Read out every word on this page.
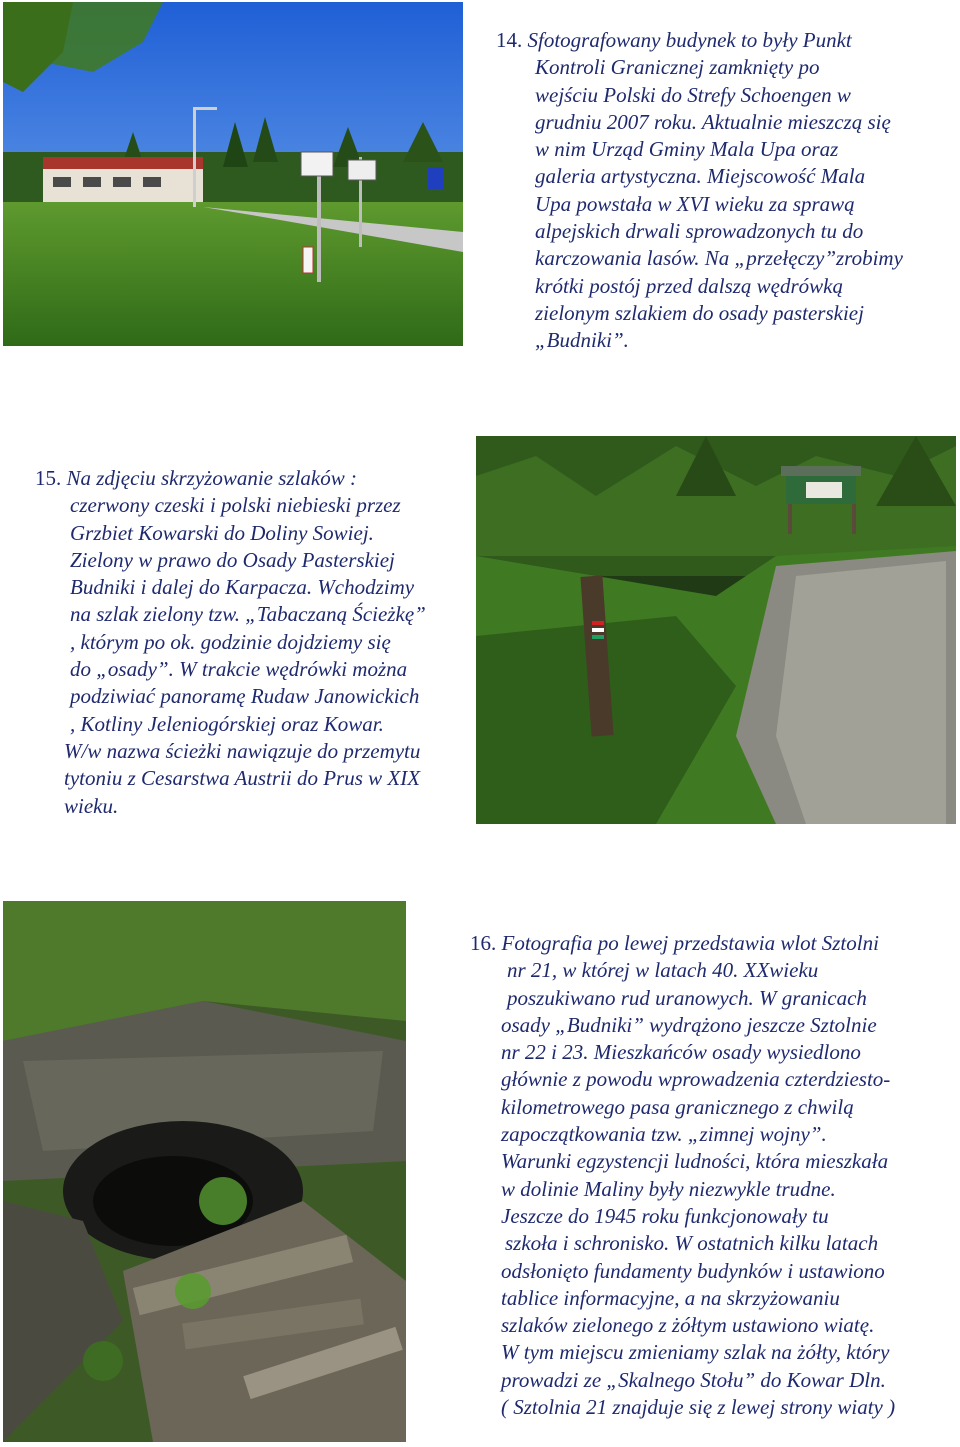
14. Sfotografowany budynek to były Punkt

Kontroli Granicznej zamknięty po
wejściu Polski do Strefy Schoengen w
grudniu 2007 roku. Aktualnie mieszczą się
w nim Urząd Gminy Mala Upa oraz
galeria artystyczna. Miejscowość Mala
Upa powstała w XVI wieku za sprawą
alpejskich drwali sprowadzonych tu do
karczowania lasów. Na „przełęczy”zrobimy
krótki postój przed dalszą wędrówką
zielonym szlakiem do osady pasterskiej
„Budniki”.

15. Na zdjęciu skrzyżowanie szlaków :

czerwony czeski i polski niebieski przez
Grzbiet Kowarski do Doliny Sowiej.
Zielony w prawo do Osady Pasterskiej
Budniki i dalej do Karpacza. Wchodzimy
na szlak zielony tzw. „Tabaczaną Ścieżkę”
, którym po ok. godzinie dojdziemy się
do „osady”. W trakcie wędrówki można
podziwiać panoramę Rudaw Janowickich
, Kotliny Jeleniogórskiej oraz Kowar.
W/w nazwa ścieżki nawiązuje do przemytu
tytoniu z Cesarstwa Austrii do Prus w XIX
wieku.

16. Fotografia po lewej przedstawia wlot Sztolni

nr 21, w której w latach 40. XXwieku
poszukiwano rud uranowych. W granicach
osady „Budniki” wydrążono jeszcze Sztolnie
nr 22 i 23. Mieszkańców osady wysiedlono
głównie z powodu wprowadzenia czterdziesto-
kilometrowego pasa granicznego z chwilą
zapoczątkowania tzw. „zimnej wojny”.
Warunki egzystencji ludności, która mieszkała
w dolinie Maliny były niezwykle trudne.
Jeszcze do 1945 roku funkcjonowały tu
szkoła i schronisko. W ostatnich kilku latach
odsłonięto fundamenty budynków i ustawiono
tablice informacyjne, a na skrzyżowaniu
szlaków zielonego z żółtym ustawiono wiatę.
W tym miejscu zmieniamy szlak na żółty, który
prowadzi ze „Skalnego Stołu” do Kowar Dln.
( Sztolnia 21 znajduje się z lewej strony wiaty )
